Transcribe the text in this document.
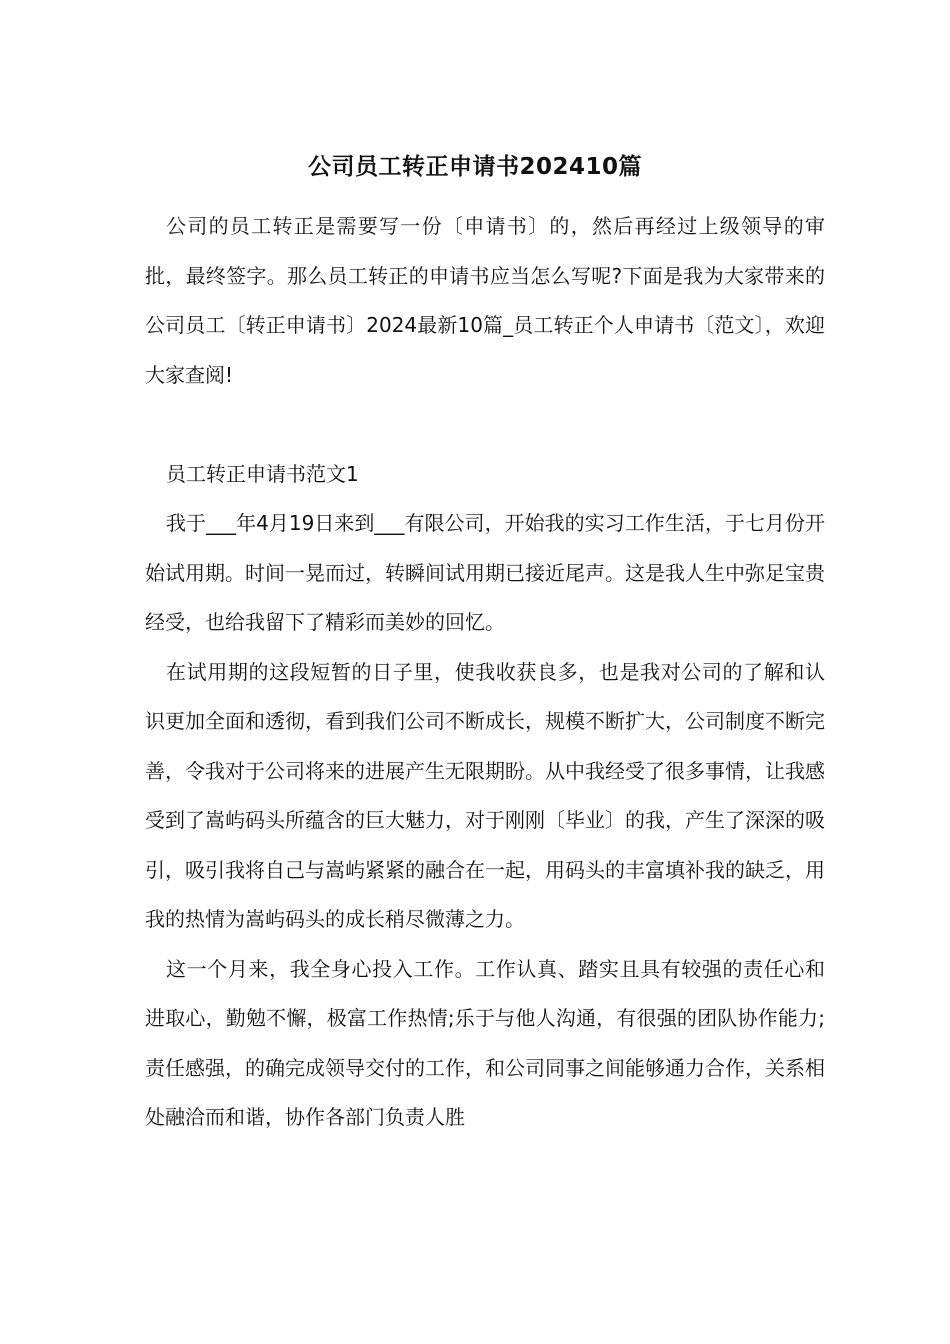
公司员工转正申请书202410篇

公司的员工转正是需要写一份〔申请书〕的，然后再经过上级领导的审批，最终签字。那么员工转正的申请书应当怎么写呢?下面是我为大家带来的公司员工〔转正申请书〕2024最新10篇_员工转正个人申请书〔范文〕，欢迎大家查阅!

员工转正申请书范文1

我于___年4月19日来到___有限公司，开始我的实习工作生活，于七月份开始试用期。时间一晃而过，转瞬间试用期已接近尾声。这是我人生中弥足宝贵经受，也给我留下了精彩而美妙的回忆。

在试用期的这段短暂的日子里，使我收获良多，也是我对公司的了解和认识更加全面和透彻，看到我们公司不断成长，规模不断扩大，公司制度不断完善，令我对于公司将来的进展产生无限期盼。从中我经受了很多事情，让我感受到了嵩屿码头所蕴含的巨大魅力，对于刚刚〔毕业〕的我，产生了深深的吸引，吸引我将自己与嵩屿紧紧的融合在一起，用码头的丰富填补我的缺乏，用我的热情为嵩屿码头的成长稍尽微薄之力。

这一个月来，我全身心投入工作。工作认真、踏实且具有较强的责任心和进取心，勤勉不懈，极富工作热情;乐于与他人沟通，有很强的团队协作能力;责任感强，的确完成领导交付的工作，和公司同事之间能够通力合作，关系相处融洽而和谐，协作各部门负责人胜
